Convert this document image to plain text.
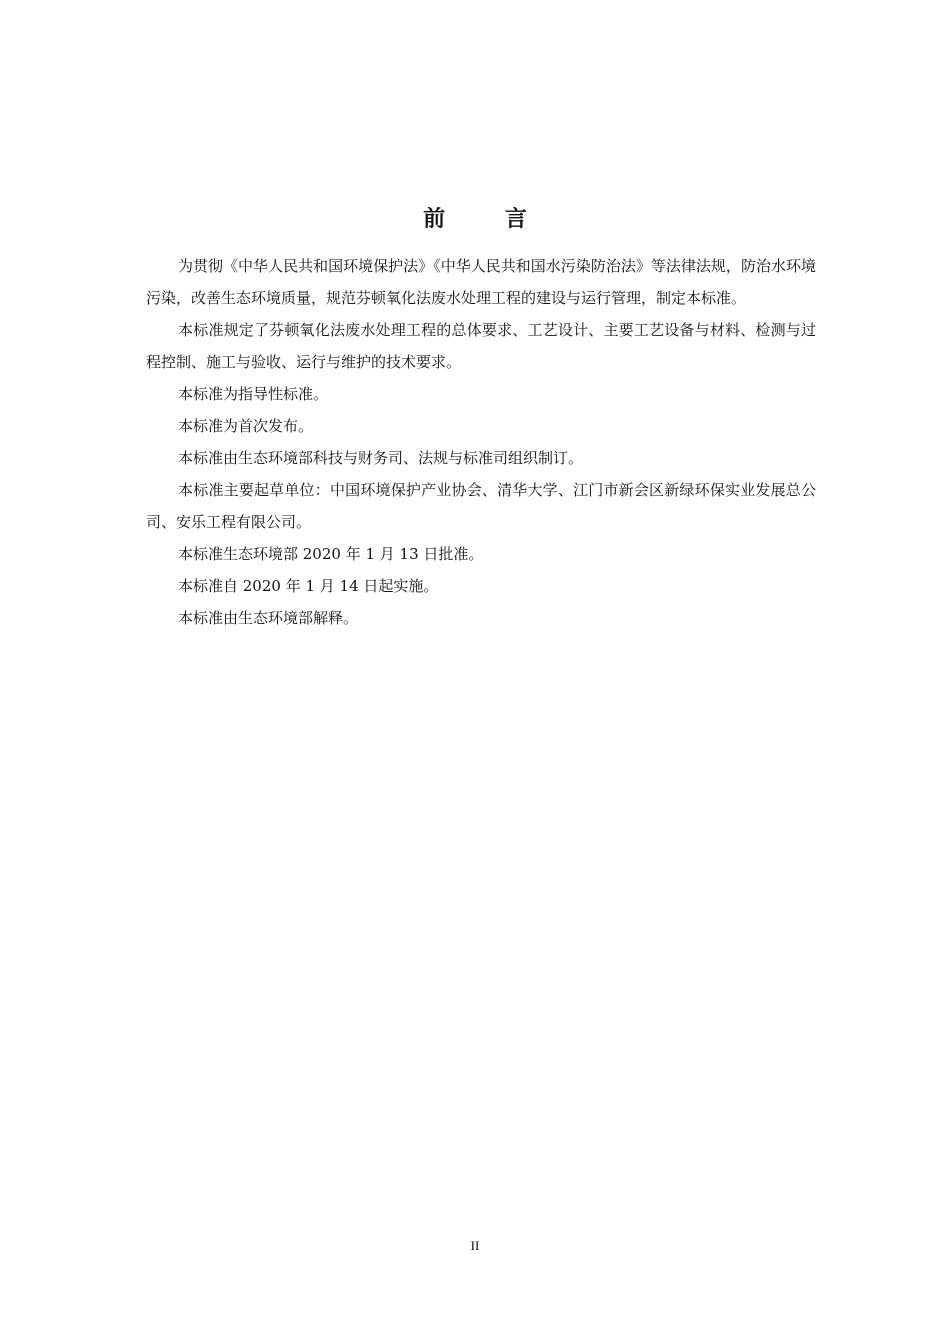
前 言

为贯彻《中华人民共和国环境保护法》《中华人民共和国水污染防治法》等法律法规，防治水环境污染，改善生态环境质量，规范芬顿氧化法废水处理工程的建设与运行管理，制定本标准。

本标准规定了芬顿氧化法废水处理工程的总体要求、工艺设计、主要工艺设备与材料、检测与过程控制、施工与验收、运行与维护的技术要求。

本标准为指导性标准。

本标准为首次发布。

本标准由生态环境部科技与财务司、法规与标准司组织制订。

本标准主要起草单位：中国环境保护产业协会、清华大学、江门市新会区新绿环保实业发展总公司、安乐工程有限公司。

本标准生态环境部 2020 年 1 月 13 日批准。

本标准自 2020 年 1 月 14 日起实施。

本标准由生态环境部解释。

II
